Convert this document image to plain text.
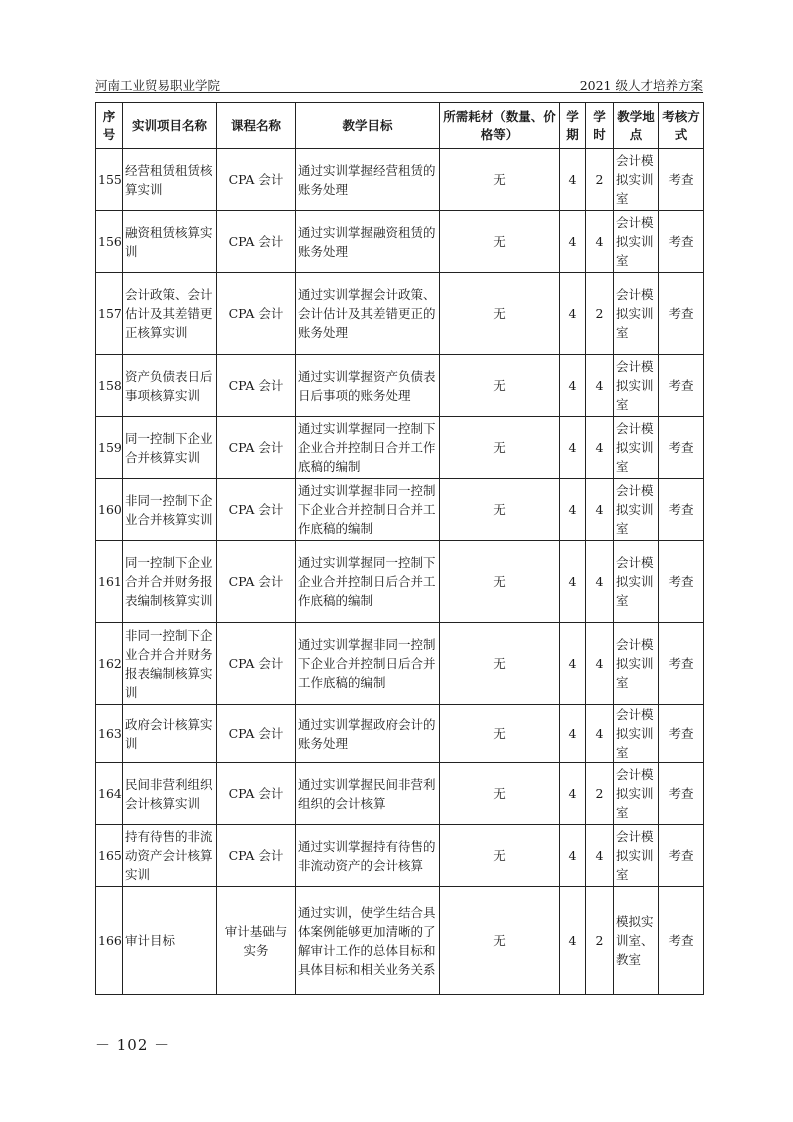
河南工业贸易职业学院	2021 级人才培养方案
序号	实训项目名称	课程名称	教学目标	所需耗材（数量、价格等）	学期	学时	教学地点	考核方式
155	经营租赁租赁核算实训	CPA 会计	通过实训掌握经营租赁的账务处理	无	4	2	会计模拟实训室	考查
156	融资租赁核算实训	CPA 会计	通过实训掌握融资租赁的账务处理	无	4	4	会计模拟实训室	考查
157	会计政策、会计估计及其差错更正核算实训	CPA 会计	通过实训掌握会计政策、会计估计及其差错更正的账务处理	无	4	2	会计模拟实训室	考查
158	资产负债表日后事项核算实训	CPA 会计	通过实训掌握资产负债表日后事项的账务处理	无	4	4	会计模拟实训室	考查
159	同一控制下企业合并核算实训	CPA 会计	通过实训掌握同一控制下企业合并控制日合并工作底稿的编制	无	4	4	会计模拟实训室	考查
160	非同一控制下企业合并核算实训	CPA 会计	通过实训掌握非同一控制下企业合并控制日合并工作底稿的编制	无	4	4	会计模拟实训室	考查
161	同一控制下企业合并合并财务报表编制核算实训	CPA 会计	通过实训掌握同一控制下企业合并控制日后合并工作底稿的编制	无	4	4	会计模拟实训室	考查
162	非同一控制下企业合并合并财务报表编制核算实训	CPA 会计	通过实训掌握非同一控制下企业合并控制日后合并工作底稿的编制	无	4	4	会计模拟实训室	考查
163	政府会计核算实训	CPA 会计	通过实训掌握政府会计的账务处理	无	4	4	会计模拟实训室	考查
164	民间非营利组织会计核算实训	CPA 会计	通过实训掌握民间非营利组织的会计核算	无	4	2	会计模拟实训室	考查
165	持有待售的非流动资产会计核算实训	CPA 会计	通过实训掌握持有待售的非流动资产的会计核算	无	4	4	会计模拟实训室	考查
166	审计目标	审计基础与实务	通过实训，使学生结合具体案例能够更加清晰的了解审计工作的总体目标和具体目标和相关业务关系	无	4	2	模拟实训室、教室	考查
－ 102 －
